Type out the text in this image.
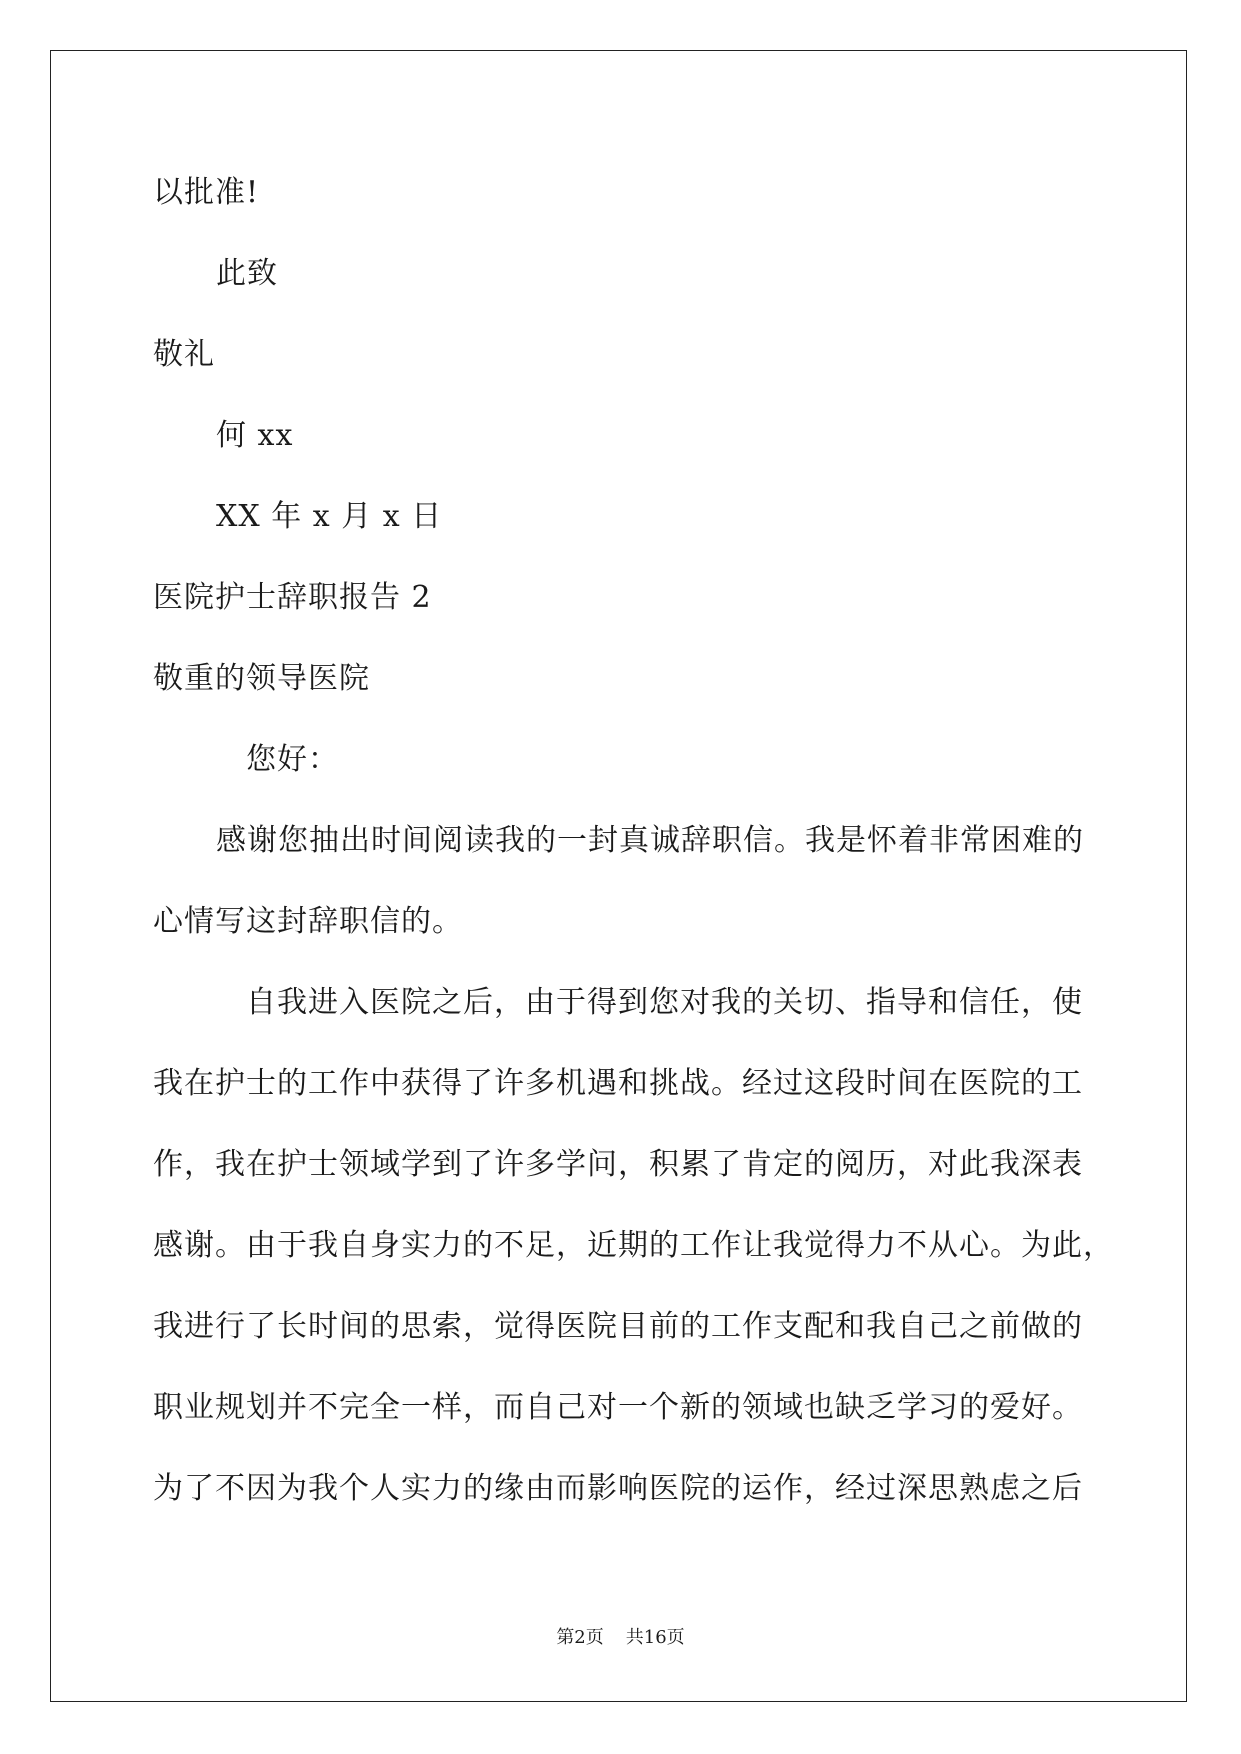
以批准!
此致
敬礼
何 xx
XX 年 x 月 x 日
医院护士辞职报告 2
敬重的领导医院
您好：
感谢您抽出时间阅读我的一封真诚辞职信。我是怀着非常困难的
心情写这封辞职信的。
自我进入医院之后，由于得到您对我的关切、指导和信任，使
我在护士的工作中获得了许多机遇和挑战。经过这段时间在医院的工
作，我在护士领域学到了许多学问，积累了肯定的阅历，对此我深表
感谢。由于我自身实力的不足，近期的工作让我觉得力不从心。为此，
我进行了长时间的思索，觉得医院目前的工作支配和我自己之前做的
职业规划并不完全一样，而自己对一个新的领域也缺乏学习的爱好。
为了不因为我个人实力的缘由而影响医院的运作，经过深思熟虑之后
第2页 共16页
